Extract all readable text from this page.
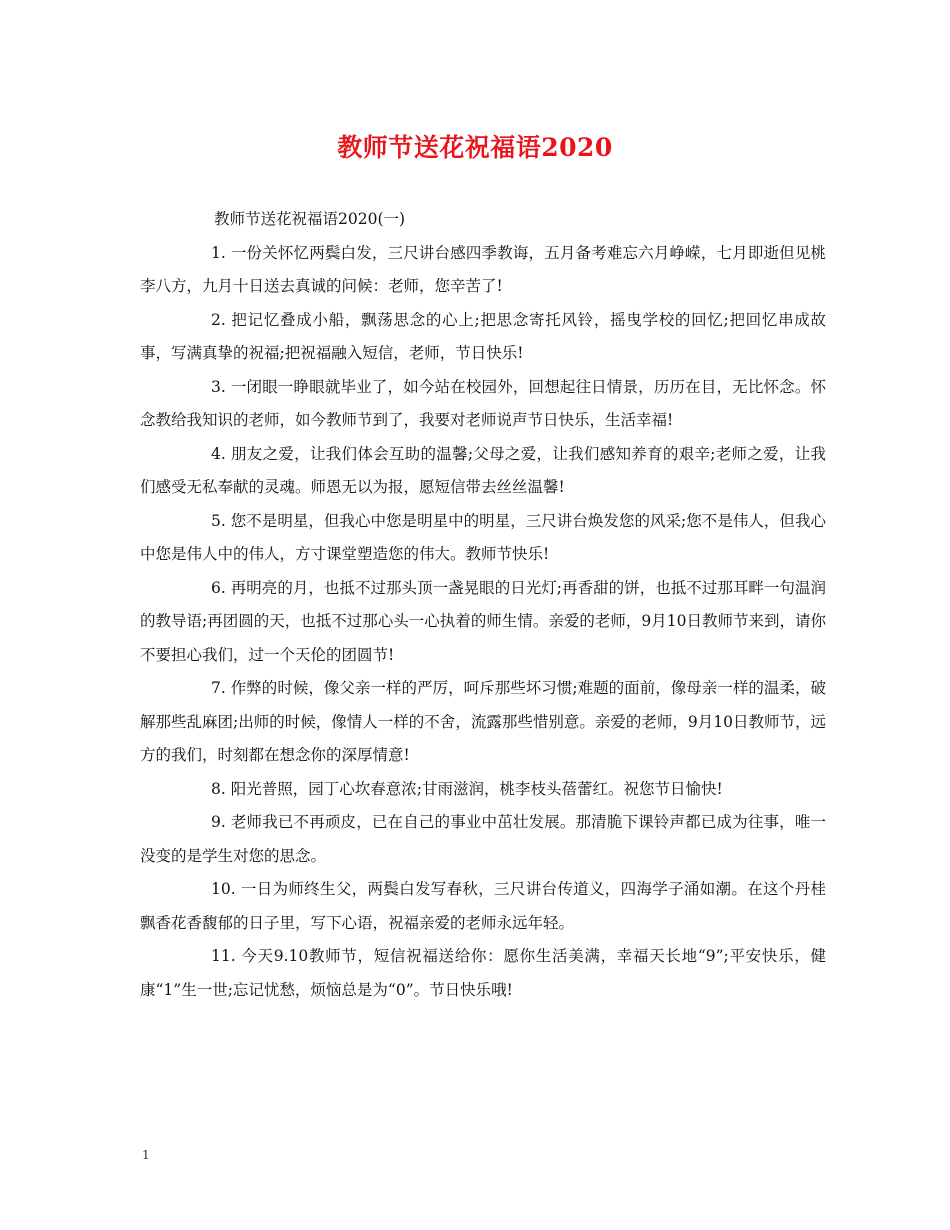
教师节送花祝福语2020

教师节送花祝福语2020(一)

1. 一份关怀忆两鬓白发，三尺讲台感四季教诲，五月备考难忘六月峥嵘，七月即逝但见桃李八方，九月十日送去真诚的问候：老师，您辛苦了!

2. 把记忆叠成小船，飘荡思念的心上;把思念寄托风铃，摇曳学校的回忆;把回忆串成故事，写满真挚的祝福;把祝福融入短信，老师，节日快乐!

3. 一闭眼一睁眼就毕业了，如今站在校园外，回想起往日情景，历历在目，无比怀念。怀念教给我知识的老师，如今教师节到了，我要对老师说声节日快乐，生活幸福!

4. 朋友之爱，让我们体会互助的温馨;父母之爱，让我们感知养育的艰辛;老师之爱，让我们感受无私奉献的灵魂。师恩无以为报，愿短信带去丝丝温馨!

5. 您不是明星，但我心中您是明星中的明星，三尺讲台焕发您的风采;您不是伟人，但我心中您是伟人中的伟人，方寸课堂塑造您的伟大。教师节快乐!

6. 再明亮的月，也抵不过那头顶一盏晃眼的日光灯;再香甜的饼，也抵不过那耳畔一句温润的教导语;再团圆的天，也抵不过那心头一心执着的师生情。亲爱的老师，9月10日教师节来到，请你不要担心我们，过一个天伦的团圆节!

7. 作弊的时候，像父亲一样的严厉，呵斥那些坏习惯;难题的面前，像母亲一样的温柔，破解那些乱麻团;出师的时候，像情人一样的不舍，流露那些惜别意。亲爱的老师，9月10日教师节，远方的我们，时刻都在想念你的深厚情意!

8. 阳光普照，园丁心坎春意浓;甘雨滋润，桃李枝头蓓蕾红。祝您节日愉快!

9. 老师我已不再顽皮，已在自己的事业中茁壮发展。那清脆下课铃声都已成为往事，唯一没变的是学生对您的思念。

10. 一日为师终生父，两鬓白发写春秋，三尺讲台传道义，四海学子涌如潮。在这个丹桂飘香花香馥郁的日子里，写下心语，祝福亲爱的老师永远年轻。

11. 今天9.10教师节，短信祝福送给你：愿你生活美满，幸福天长地“9”;平安快乐，健康“1”生一世;忘记忧愁，烦恼总是为“0”。节日快乐哦!

1
